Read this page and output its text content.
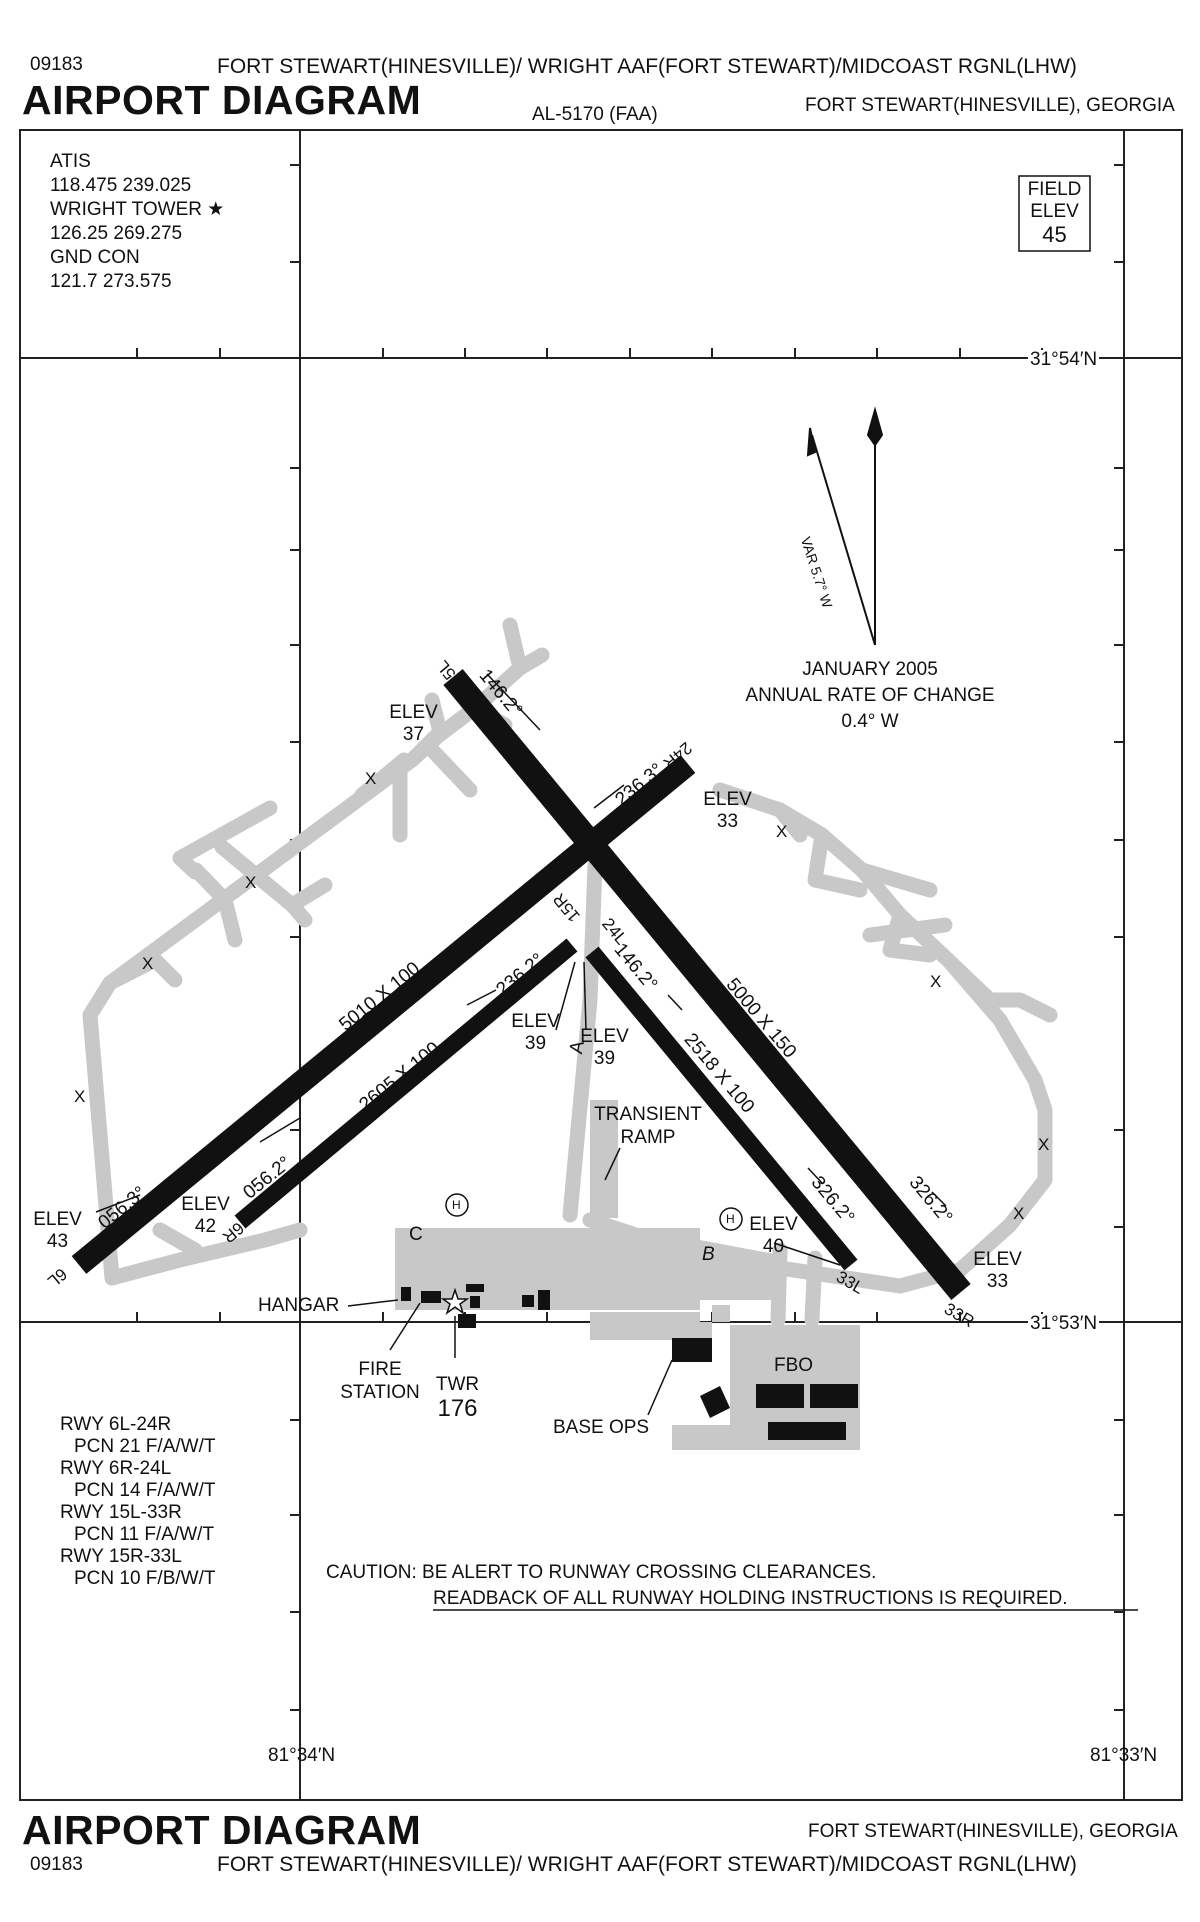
09183	FORT STEWART(HINESVILLE)/ WRIGHT AAF(FORT STEWART)/MIDCOAST RGNL(LHW)
AIRPORT DIAGRAM	AL-5170 (FAA)	FORT STEWART(HINESVILLE), GEORGIA
ATIS
118.475 239.025
WRIGHT TOWER ★
126.25 269.275
GND CON
121.7 273.575
FIELD
ELEV
45
31°54′N
31°53′N
81°34′N	81°33′N
VAR 5.7° W
JANUARY 2005
ANNUAL RATE OF CHANGE
0.4° W
5010 X 100
2605 X 100
5000 X 150
2518 X 100
056.3°
056.2°
236.3°
236.2°
146.2°
146.2°
326.2°
326.2°
6L
6R
24R
24L
15L
15R
33R
33L
ELEV
37
ELEV
33
ELEV
39	ELEV
39
ELEV
43
ELEV
42	ELEV
40
ELEV
33
A
B
C
H
H
X
X
X
X
X
X
X
X
TRANSIENT
RAMP
HANGAR
FIRE
STATION TWR
176
BASE OPS
FBO
RWY 6L-24R
PCN 21 F/A/W/T
RWY 6R-24L
PCN 14 F/A/W/T
RWY 15L-33R
PCN 11 F/A/W/T
RWY 15R-33L
PCN 10 F/B/W/T	CAUTION: BE ALERT TO RUNWAY CROSSING CLEARANCES.
READBACK OF ALL RUNWAY HOLDING INSTRUCTIONS IS REQUIRED.
AIRPORT DIAGRAM	FORT STEWART(HINESVILLE), GEORGIA
09183	FORT STEWART(HINESVILLE)/ WRIGHT AAF(FORT STEWART)/MIDCOAST RGNL(LHW)
